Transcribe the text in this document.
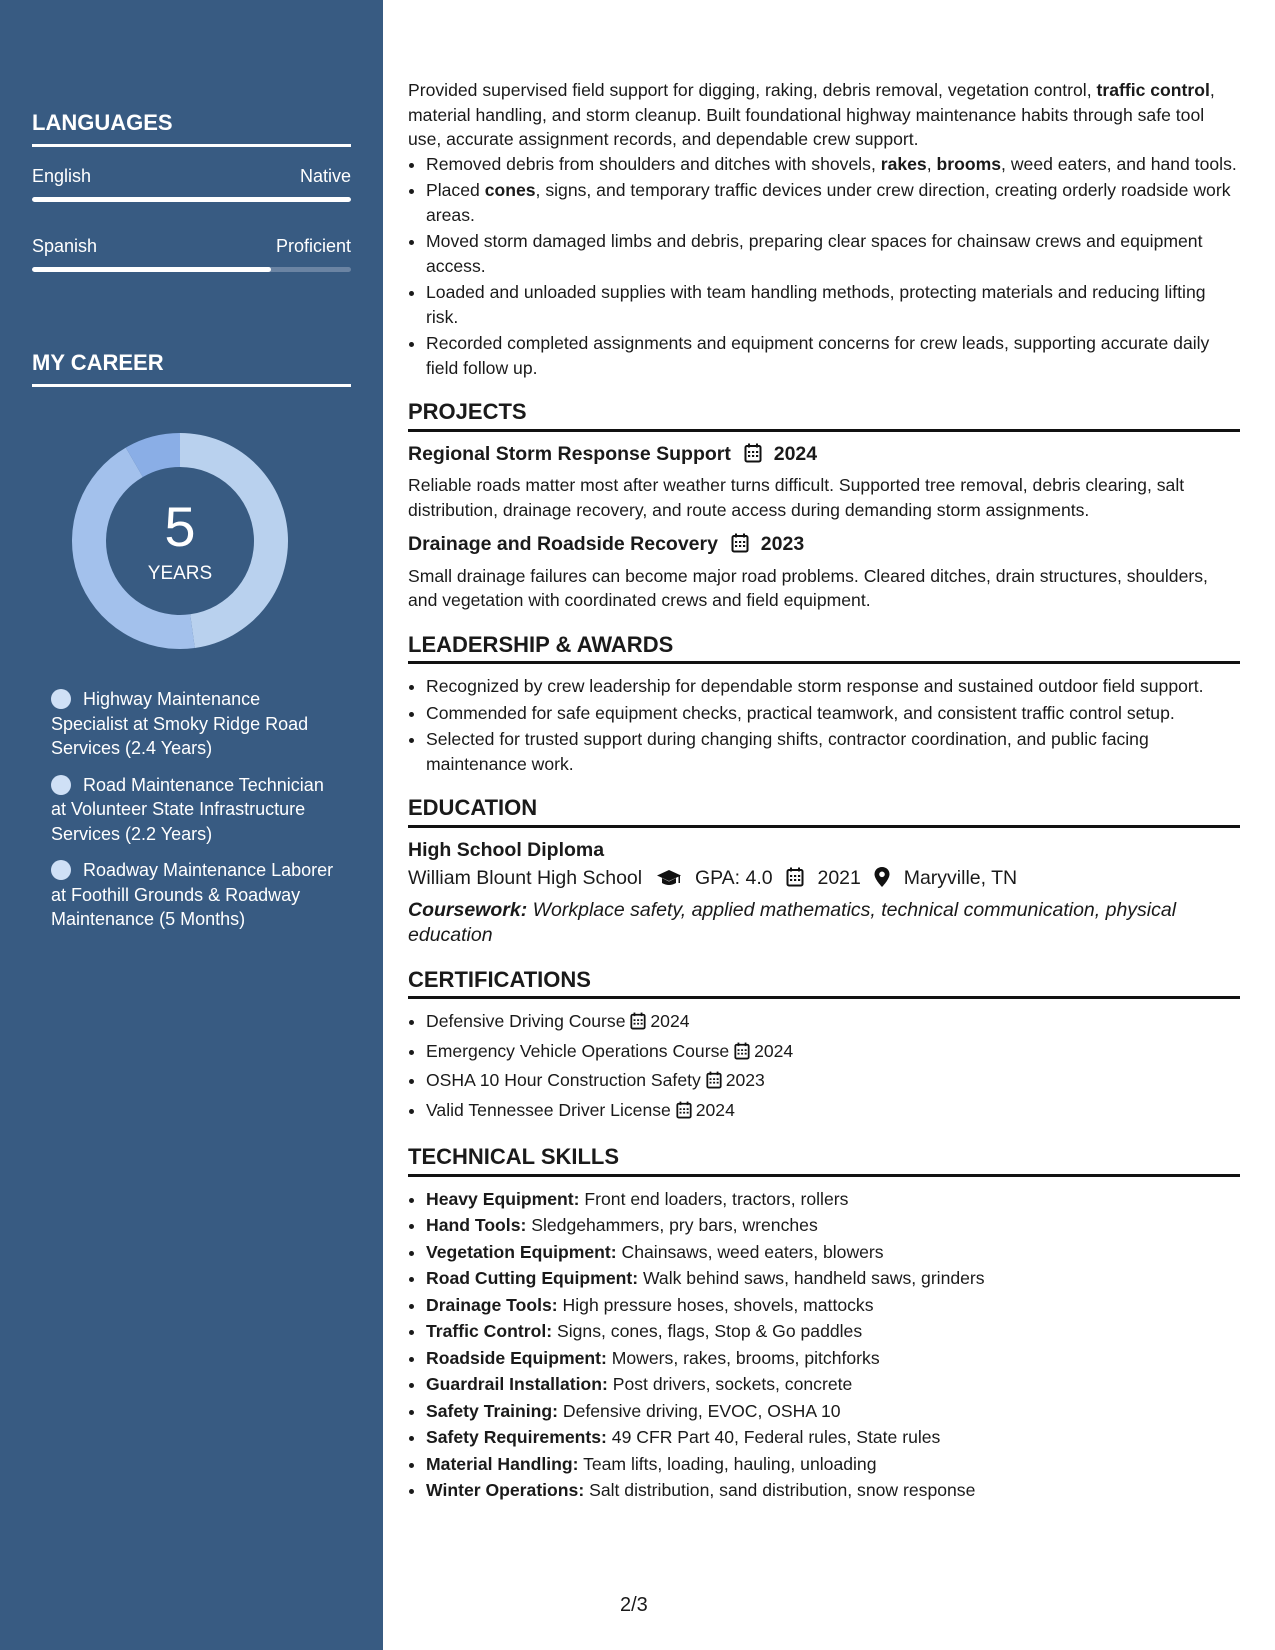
LANGUAGES
English	Native
Spanish	Proficient
MY CAREER
5
YEARS
Highway Maintenance Specialist at Smoky Ridge Road Services (2.4 Years)
Road Maintenance Technician at Volunteer State Infrastructure Services (2.2 Years)
Roadway Maintenance Laborer at Foothill Grounds & Roadway Maintenance (5 Months)

Provided supervised field support for digging, raking, debris removal, vegetation control, traffic control, material handling, and storm cleanup. Built foundational highway maintenance habits through safe tool use, accurate assignment records, and dependable crew support.

• Removed debris from shoulders and ditches with shovels, rakes, brooms, weed eaters, and hand tools.
• Placed cones, signs, and temporary traffic devices under crew direction, creating orderly roadside work areas.
• Moved storm damaged limbs and debris, preparing clear spaces for chainsaw crews and equipment access.
• Loaded and unloaded supplies with team handling methods, protecting materials and reducing lifting risk.
• Recorded completed assignments and equipment concerns for crew leads, supporting accurate daily field follow up.
PROJECTS
Regional Storm Response Support 2024

Reliable roads matter most after weather turns difficult. Supported tree removal, debris clearing, salt distribution, drainage recovery, and route access during demanding storm assignments.

Drainage and Roadside Recovery 2023

Small drainage failures can become major road problems. Cleared ditches, drain structures, shoulders, and vegetation with coordinated crews and field equipment.

LEADERSHIP & AWARDS
• Recognized by crew leadership for dependable storm response and sustained outdoor field support.
• Commended for safe equipment checks, practical teamwork, and consistent traffic control setup.
• Selected for trusted support during changing shifts, contractor coordination, and public facing maintenance work.
EDUCATION
High School Diploma
William Blount High School	GPA: 4.0 2021 Maryville, TN
Coursework: Workplace safety, applied mathematics, technical communication, physical education
CERTIFICATIONS
• Defensive Driving Course 2024
• Emergency Vehicle Operations Course 2024
• OSHA 10 Hour Construction Safety 2023
• Valid Tennessee Driver License 2024
TECHNICAL SKILLS
• Heavy Equipment: Front end loaders, tractors, rollers
• Hand Tools: Sledgehammers, pry bars, wrenches
• Vegetation Equipment: Chainsaws, weed eaters, blowers
• Road Cutting Equipment: Walk behind saws, handheld saws, grinders
• Drainage Tools: High pressure hoses, shovels, mattocks
• Traffic Control: Signs, cones, flags, Stop & Go paddles
• Roadside Equipment: Mowers, rakes, brooms, pitchforks
• Guardrail Installation: Post drivers, sockets, concrete
• Safety Training: Defensive driving, EVOC, OSHA 10
• Safety Requirements: 49 CFR Part 40, Federal rules, State rules
• Material Handling: Team lifts, loading, hauling, unloading
• Winter Operations: Salt distribution, sand distribution, snow response
2/3
